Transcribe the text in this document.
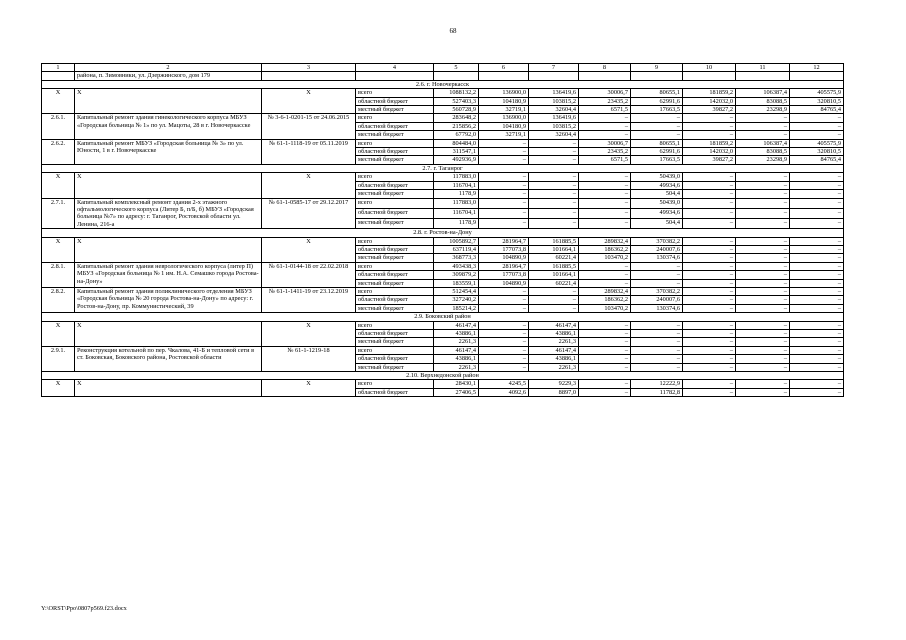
68
1	2	3	4	5	6	7	8	9	10	11	12
	района, п. Зимовники, ул. Дзержинского, дом 179										
2.6. г. Новочеркасск											
Х	Х	Х	всего	1088132,2	136900,0	136419,6	30006,7	80655,1	181859,2	106387,4	405575,9
			областной бюджет	527403,3	104180,9	103815,2	23435,2	62991,6	142032,0	83088,5	320810,5
			местный бюджет	560728,9	32719,1	32604,4	6571,5	17663,5	39827,2	23298,9	84765,4
2.6.1.	Капитальный ремонт здания гинекологического корпуса МБУЗ «Городская больница № 1» по ул. Мацоты, 28 в г. Новочеркасске	№ 3-6-1-0201-15 от 24.06.2015	всего	283648,2	136900,0	136419,6	–	–	–	–	–
			областной бюджет	215856,2	104180,9	103815,2	–	–	–	–	–
			местный бюджет	67792,0	32719,1	32604,4	–	–	–	–	–
2.6.2.	Капитальный ремонт МБУЗ «Городская больница № 3» по ул. Юности, 1 в г. Новочеркасске	№ 61-1-1118-19 от 05.11.2019	всего	804484,0	–	–	30006,7	80655,1	181859,2	106387,4	405575,9
			областной бюджет	311547,1	–	–	23435,2	62991,6	142032,0	83088,5	320810,5
			местный бюджет	492936,9	–	–	6571,5	17663,5	39827,2	23298,9	84765,4
2.7. г. Таганрог											
Х	Х	Х	всего	117883,0	–	–	–	50439,0	–	–	–
			областной бюджет	116704,1	–	–	–	49934,6	–	–	–
			местный бюджет	1178,9	–	–	–	504,4	–	–	–
2.7.1.	Капитальный комплексный ремонт здания 2-х этажного офтальмологического корпуса (Литер Б, п/Б, б) МБУЗ «Городская больница №7» по адресу: г. Таганрог, Ростовской области ул. Ленина, 216-а	№ 61-1-0585-17 от 29.12.2017	всего	117883,0	–	–	–	50439,0	–	–	–
			областной бюджет	116704,1	–	–	–	49934,6	–	–	–
			местный бюджет	1178,9	–	–	–	504,4	–	–	–
2.8. г. Ростов-на-Дону											
Х	Х	Х	всего	1005892,7	281964,7	161885,5	289832,4	370382,2	–	–	–
			областной бюджет	637119,4	177073,8	101664,1	186362,2	240007,6	–	–	–
			местный бюджет	368773,3	104890,9	60221,4	103470,2	130374,6	–	–	–
2.8.1.	Капитальный ремонт здания неврологического корпуса (литер П) МБУЗ «Городская больница № 1 им. Н.А. Семашко города Ростова-на-Дону»	№ 61-1-0144-18 от 22.02.2018	всего	493438,3	281964,7	161885,5	–	–	–	–	–
			областной бюджет	309879,2	177073,8	101664,1	–	–	–	–	–
			местный бюджет	183559,1	104890,9	60221,4	–	–	–	–	–
2.8.2.	Капитальный ремонт здания поликлинического отделения МБУЗ «Городская больница № 20 города Ростова-на-Дону» по адресу: г. Ростов-на-Дону, пр. Коммунистический, 39	№ 61-1-1411-19 от 23.12.2019	всего	512454,4	–	–	289832,4	370382,2	–	–	–
			областной бюджет	327240,2	–	–	186362,2	240007,6	–	–	–
			местный бюджет	185214,2	–	–	103470,2	130374,6	–	–	–
2.9. Боковский район											
Х	Х	Х	всего	46147,4	–	46147,4	–	–	–	–	–
			областной бюджет	43886,1	–	43886,1	–	–	–	–	–
			местный бюджет	2261,3	–	2261,3	–	–	–	–	–
2.9.1.	Реконструкция котельной по пер. Чкалова, 41-Б и тепловой сети в ст. Боковская, Боковского района, Ростовской области	№ 61-1-1219-18	всего	46147,4	–	46147,4	–	–	–	–	–
			областной бюджет	43886,1	–	43886,1	–	–	–	–	–
			местный бюджет	2261,3	–	2261,3	–	–	–	–	–
2.10. Верхнедонской район											
Х	Х	Х	всего	28430,1	4245,5	9229,3	–	12222,9	–	–	–
			областной бюджет	27406,5	4092,6	8897,0	–	11782,8	–	–	–
Y:\ORST\Ppo\0807p569.f23.docx
